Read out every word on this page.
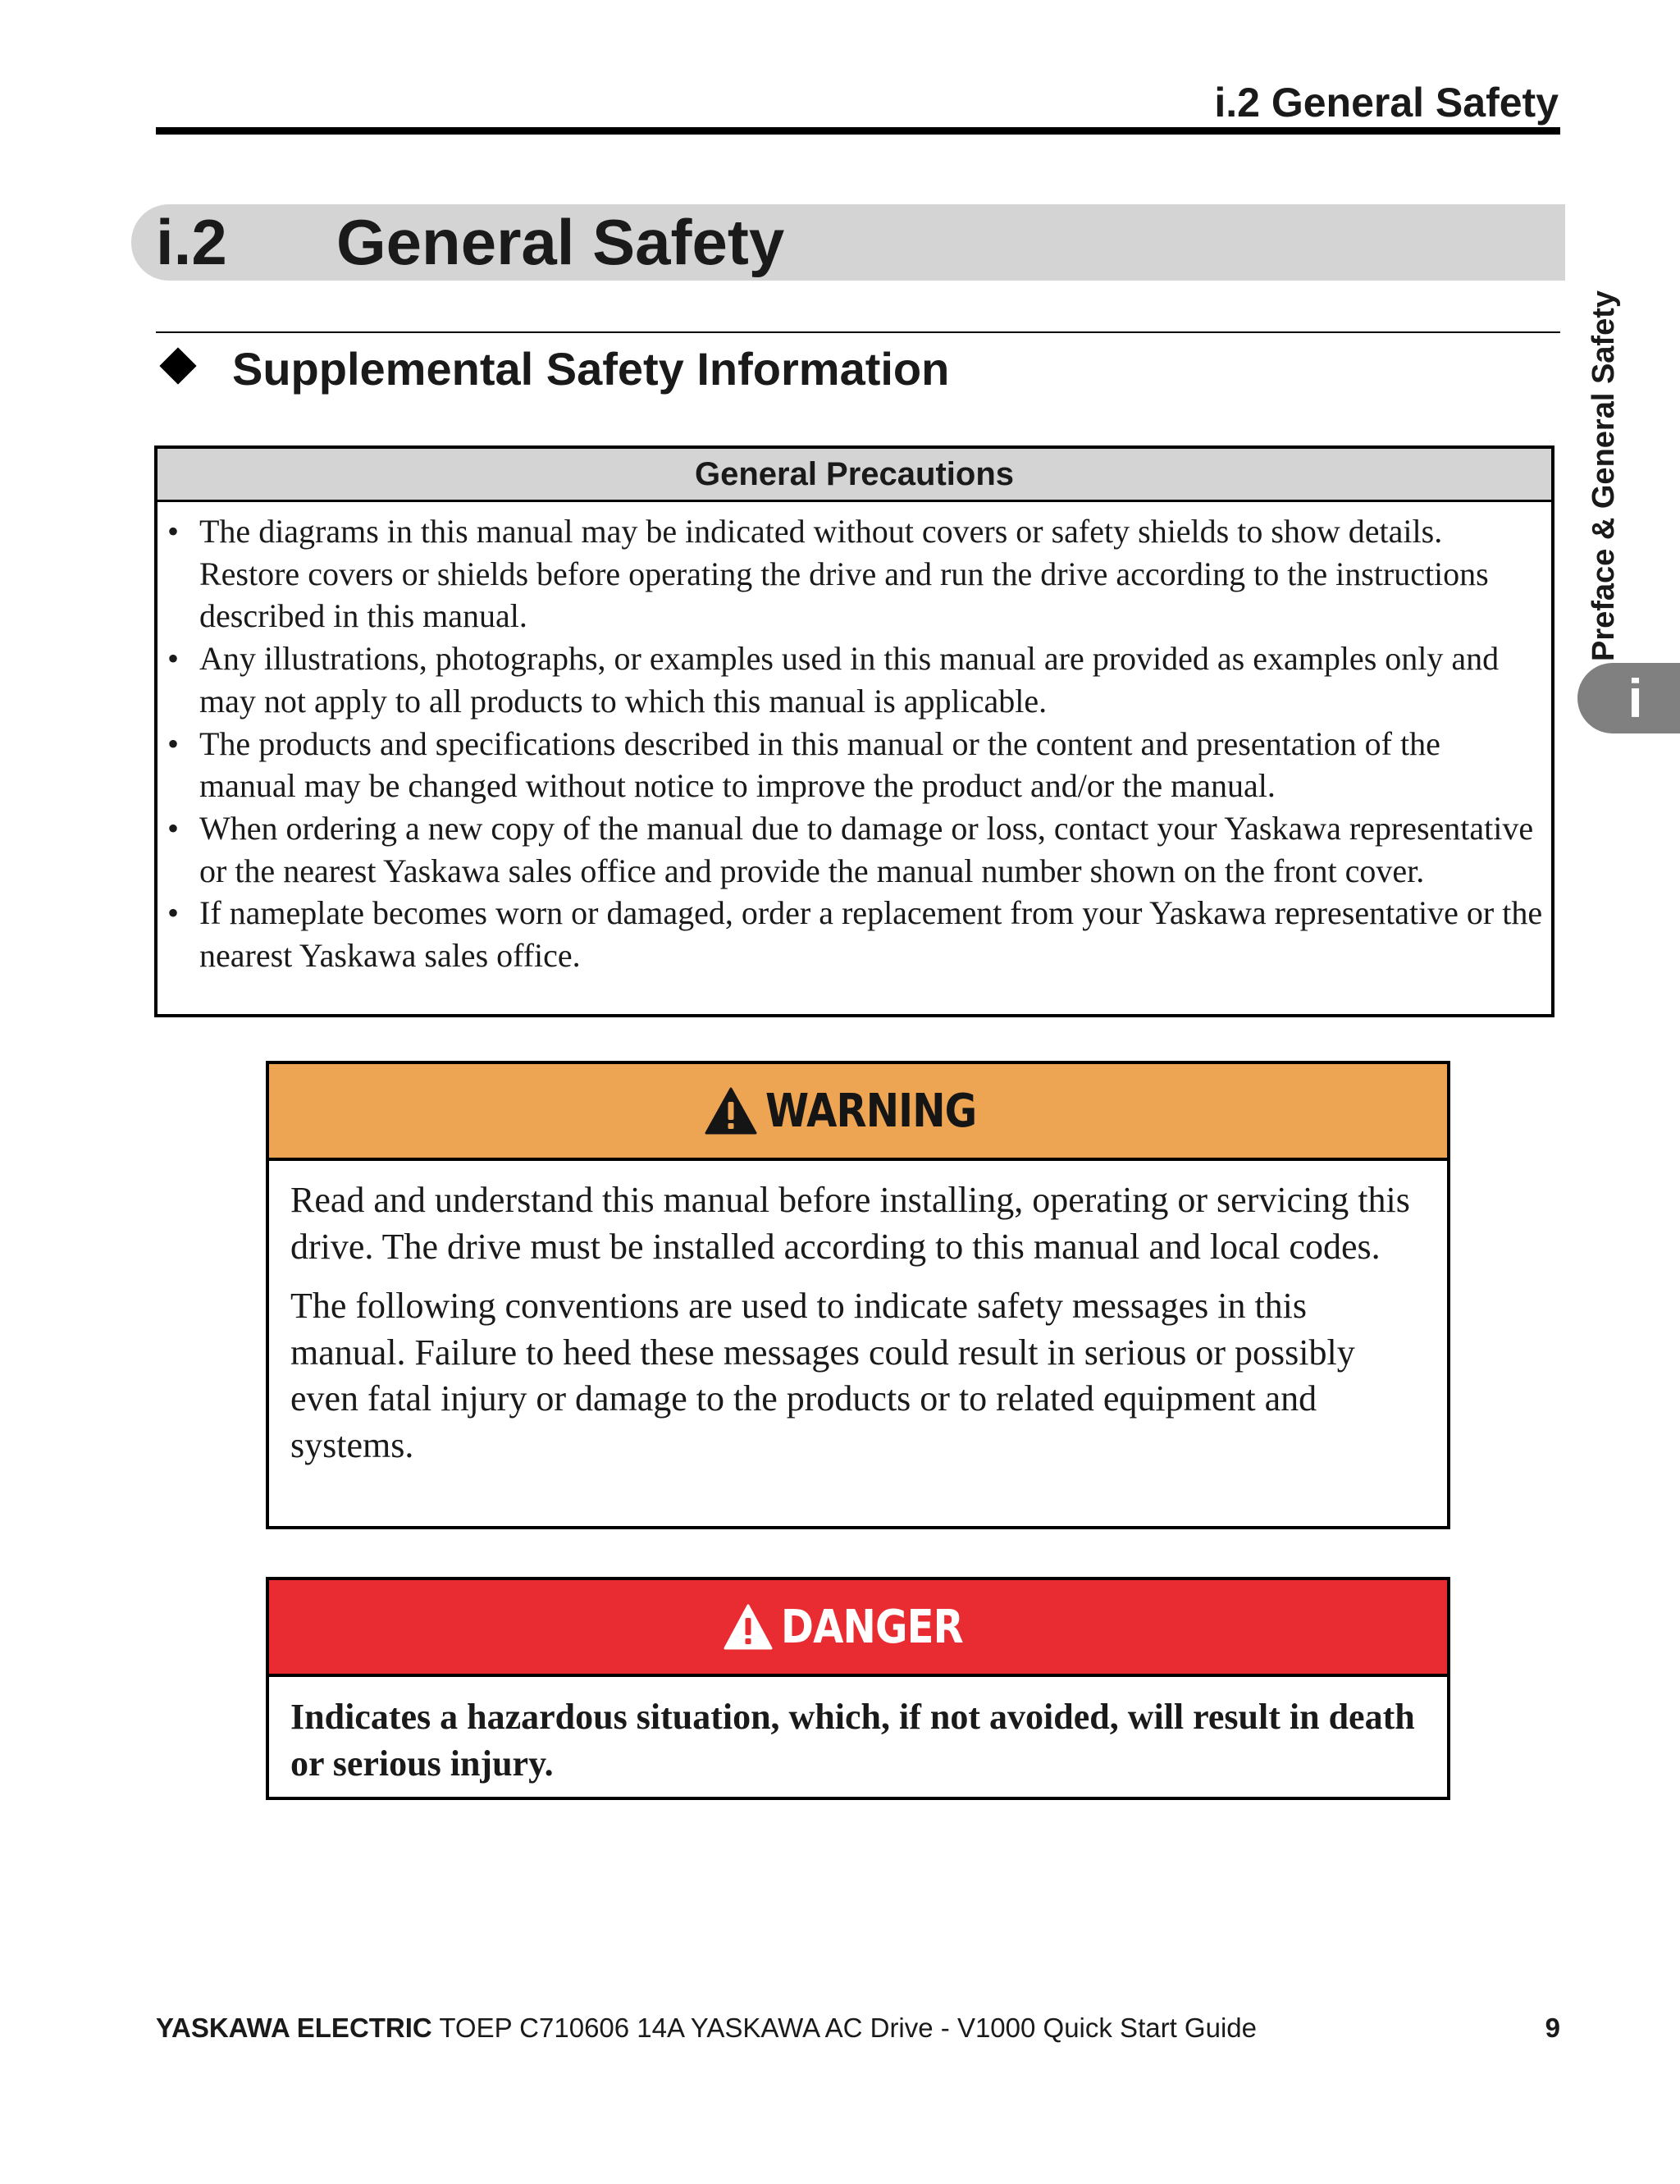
i.2 General Safety
i.2 General Safety
Preface & General Safety
i
Supplemental Safety Information
General Precautions
• The diagrams in this manual may be indicated without covers or safety shields to show details. Restore covers or shields before operating the drive and run the drive according to the instructions described in this manual.
• Any illustrations, photographs, or examples used in this manual are provided as examples only and may not apply to all products to which this manual is applicable.
• The products and specifications described in this manual or the content and presentation of the manual may be changed without notice to improve the product and/or the manual.
• When ordering a new copy of the manual due to damage or loss, contact your Yaskawa representative or the nearest Yaskawa sales office and provide the manual number shown on the front cover.
• If nameplate becomes worn or damaged, order a replacement from your Yaskawa representative or the nearest Yaskawa sales office.
WARNING

Read and understand this manual before installing, operating or servicing this drive. The drive must be installed according to this manual and local codes.

The following conventions are used to indicate safety messages in this manual. Failure to heed these messages could result in serious or possibly even fatal injury or damage to the products or to related equipment and systems.

DANGER
Indicates a hazardous situation, which, if not avoided, will result in death or serious injury.
YASKAWA ELECTRIC TOEP C710606 14A YASKAWA AC Drive - V1000 Quick Start Guide	9
